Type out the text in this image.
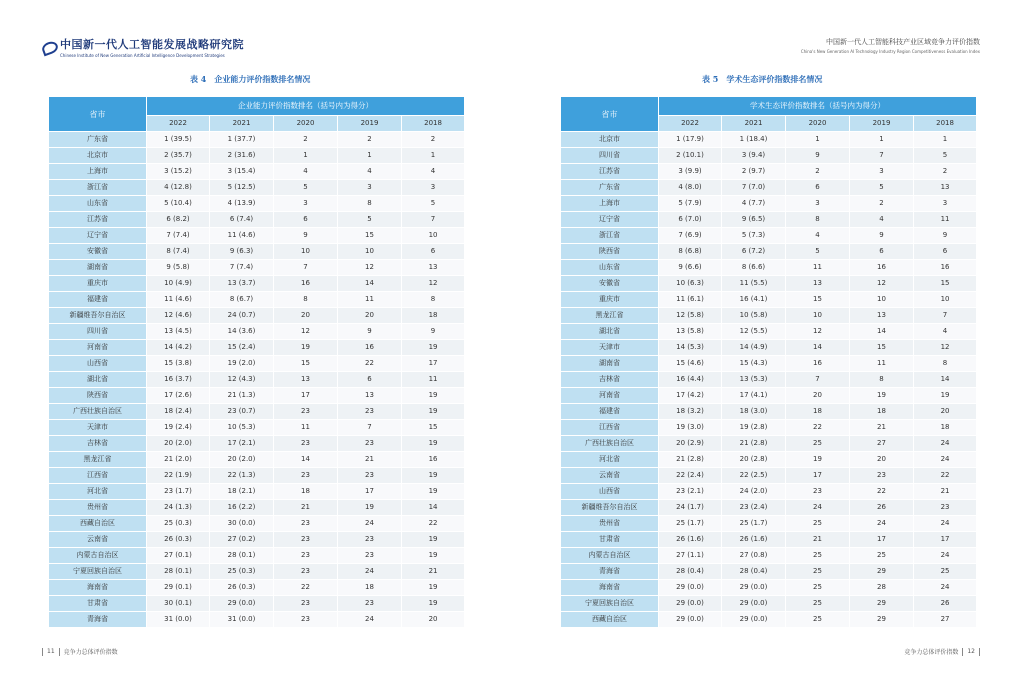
中国新一代人工智能发展战略研究院
Chinese Institute of New Generation Artificial Intelligence Development Strategies
中国新一代人工智能科技产业区域竞争力评价指数
China's New Generation AI Technology Industry Region Competitiveness Evaluation Index
表 4　企业能力评价指数排名情况
省市	企业能力评价指数排名（括号内为得分）				
	2022	2021	2020	2019	2018
广东省	1 (39.5)	1 (37.7)	2	2	2
北京市	2 (35.7)	2 (31.6)	1	1	1
上海市	3 (15.2)	3 (15.4)	4	4	4
浙江省	4 (12.8)	5 (12.5)	5	3	3
山东省	5 (10.4)	4 (13.9)	3	8	5
江苏省	6 (8.2)	6 (7.4)	6	5	7
辽宁省	7 (7.4)	11 (4.6)	9	15	10
安徽省	8 (7.4)	9 (6.3)	10	10	6
湖南省	9 (5.8)	7 (7.4)	7	12	13
重庆市	10 (4.9)	13 (3.7)	16	14	12
福建省	11 (4.6)	8 (6.7)	8	11	8
新疆维吾尔自治区	12 (4.6)	24 (0.7)	20	20	18
四川省	13 (4.5)	14 (3.6)	12	9	9
河南省	14 (4.2)	15 (2.4)	19	16	19
山西省	15 (3.8)	19 (2.0)	15	22	17
湖北省	16 (3.7)	12 (4.3)	13	6	11
陕西省	17 (2.6)	21 (1.3)	17	13	19
广西壮族自治区	18 (2.4)	23 (0.7)	23	23	19
天津市	19 (2.4)	10 (5.3)	11	7	15
吉林省	20 (2.0)	17 (2.1)	23	23	19
黑龙江省	21 (2.0)	20 (2.0)	14	21	16
江西省	22 (1.9)	22 (1.3)	23	23	19
河北省	23 (1.7)	18 (2.1)	18	17	19
贵州省	24 (1.3)	16 (2.2)	21	19	14
西藏自治区	25 (0.3)	30 (0.0)	23	24	22
云南省	26 (0.3)	27 (0.2)	23	23	19
内蒙古自治区	27 (0.1)	28 (0.1)	23	23	19
宁夏回族自治区	28 (0.1)	25 (0.3)	23	24	21
海南省	29 (0.1)	26 (0.3)	22	18	19
甘肃省	30 (0.1)	29 (0.0)	23	23	19
青海省	31 (0.0)	31 (0.0)	23	24	20
表 5　学术生态评价指数排名情况
省市	学术生态评价指数排名（括号内为得分）				
	2022	2021	2020	2019	2018
北京市	1 (17.9)	1 (18.4)	1	1	1
四川省	2 (10.1)	3 (9.4)	9	7	5
江苏省	3 (9.9)	2 (9.7)	2	3	2
广东省	4 (8.0)	7 (7.0)	6	5	13
上海市	5 (7.9)	4 (7.7)	3	2	3
辽宁省	6 (7.0)	9 (6.5)	8	4	11
浙江省	7 (6.9)	5 (7.3)	4	9	9
陕西省	8 (6.8)	6 (7.2)	5	6	6
山东省	9 (6.6)	8 (6.6)	11	16	16
安徽省	10 (6.3)	11 (5.5)	13	12	15
重庆市	11 (6.1)	16 (4.1)	15	10	10
黑龙江省	12 (5.8)	10 (5.8)	10	13	7
湖北省	13 (5.8)	12 (5.5)	12	14	4
天津市	14 (5.3)	14 (4.9)	14	15	12
湖南省	15 (4.6)	15 (4.3)	16	11	8
吉林省	16 (4.4)	13 (5.3)	7	8	14
河南省	17 (4.2)	17 (4.1)	20	19	19
福建省	18 (3.2)	18 (3.0)	18	18	20
江西省	19 (3.0)	19 (2.8)	22	21	18
广西壮族自治区	20 (2.9)	21 (2.8)	25	27	24
河北省	21 (2.8)	20 (2.8)	19	20	24
云南省	22 (2.4)	22 (2.5)	17	23	22
山西省	23 (2.1)	24 (2.0)	23	22	21
新疆维吾尔自治区	24 (1.7)	23 (2.4)	24	26	23
贵州省	25 (1.7)	25 (1.7)	25	24	24
甘肃省	26 (1.6)	26 (1.6)	21	17	17
内蒙古自治区	27 (1.1)	27 (0.8)	25	25	24
青海省	28 (0.4)	28 (0.4)	25	29	25
海南省	29 (0.0)	29 (0.0)	25	28	24
宁夏回族自治区	29 (0.0)	29 (0.0)	25	29	26
西藏自治区	29 (0.0)	29 (0.0)	25	29	27
11 竞争力总体评价指数	竞争力总体评价指数 12
